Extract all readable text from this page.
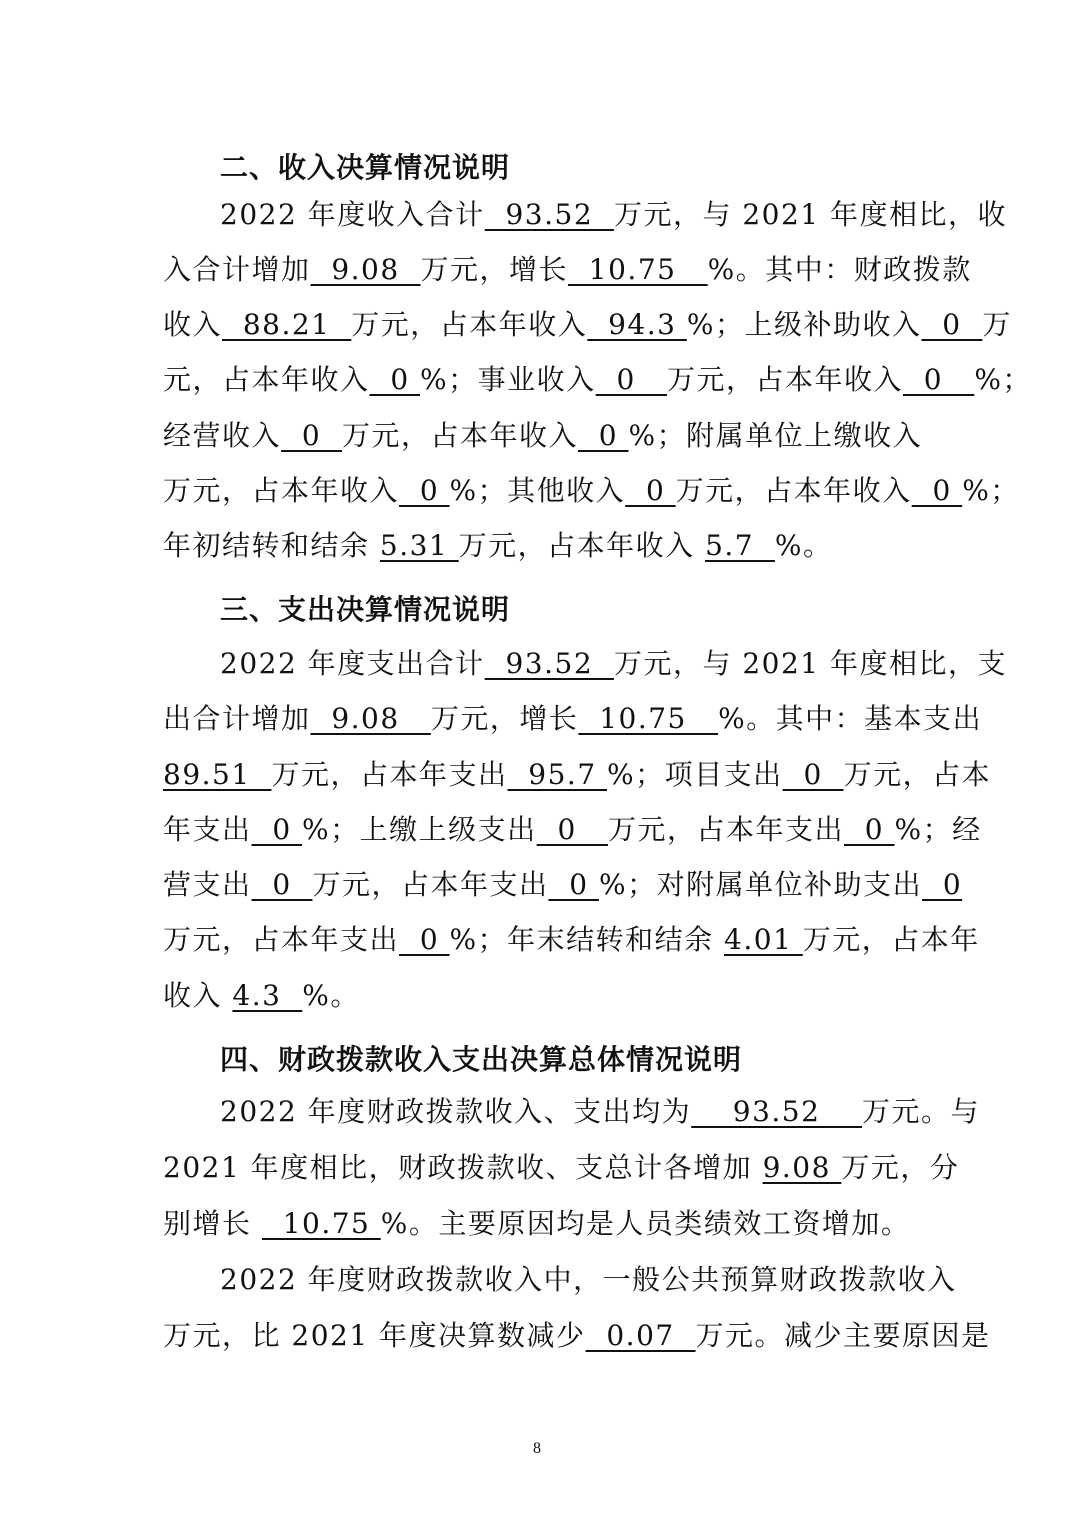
二、收入决算情况说明
2022 年度收入合计  93.52  万元，与 2021 年度相比，收
入合计增加  9.08  万元，增长  10.75   %。其中：财政拨款
收入  88.21  万元，占本年收入  94.3 %；上级补助收入  0  万
元，占本年收入  0 %；事业收入  0   万元，占本年收入  0   %；
经营收入  0  万元，占本年收入  0 %；附属单位上缴收入
万元，占本年收入  0 %；其他收入  0 万元，占本年收入  0 %；
年初结转和结余 5.31 万元，占本年收入 5.7  %。
三、支出决算情况说明
2022 年度支出合计  93.52  万元，与 2021 年度相比，支
出合计增加  9.08   万元，增长  10.75   %。其中：基本支出
89.51  万元，占本年支出  95.7 %；项目支出  0  万元，占本
年支出  0 %；上缴上级支出  0   万元，占本年支出  0 %；经
营支出  0  万元，占本年支出  0 %；对附属单位补助支出  0
万元，占本年支出  0 %；年末结转和结余 4.01 万元，占本年
收入 4.3  %。
四、财政拨款收入支出决算总体情况说明
2022 年度财政拨款收入、支出均为    93.52    万元。与
2021 年度相比，财政拨款收、支总计各增加 9.08 万元，分
别增长   10.75 %。主要原因均是人员类绩效工资增加。
2022 年度财政拨款收入中，一般公共预算财政拨款收入
万元，比 2021 年度决算数减少  0.07  万元。减少主要原因是
8
